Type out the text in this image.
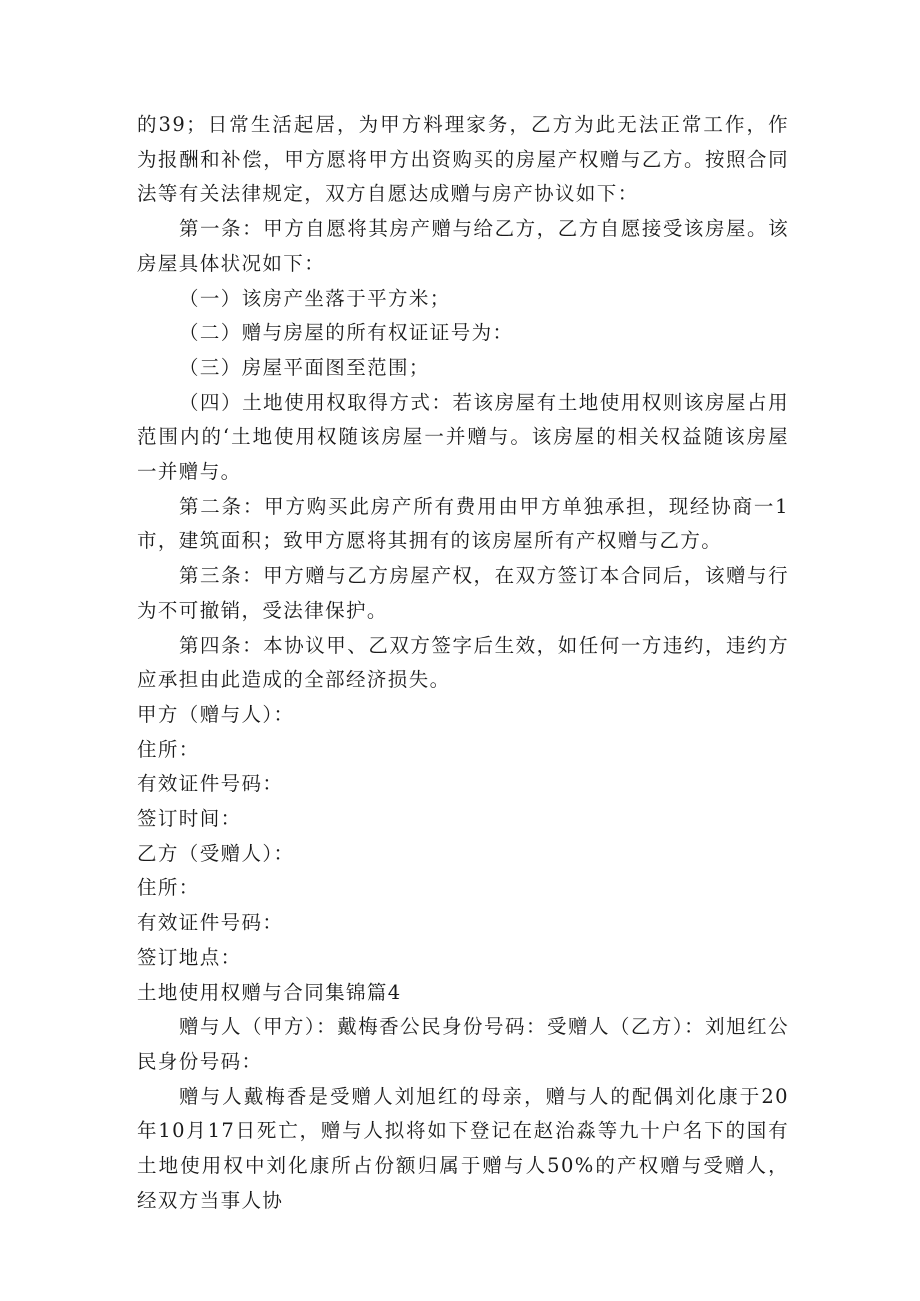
的39；日常生活起居，为甲方料理家务，乙方为此无法正常工作，作为报酬和补偿，甲方愿将甲方出资购买的房屋产权赠与乙方。按照合同法等有关法律规定，双方自愿达成赠与房产协议如下：

第一条：甲方自愿将其房产赠与给乙方，乙方自愿接受该房屋。该房屋具体状况如下：

（一）该房产坐落于平方米；

（二）赠与房屋的所有权证证号为：

（三）房屋平面图至范围；

（四）土地使用权取得方式：若该房屋有土地使用权则该房屋占用范围内的‘土地使用权随该房屋一并赠与。该房屋的相关权益随该房屋一并赠与。

第二条：甲方购买此房产所有费用由甲方单独承担，现经协商一1市，建筑面积；致甲方愿将其拥有的该房屋所有产权赠与乙方。

第三条：甲方赠与乙方房屋产权，在双方签订本合同后，该赠与行为不可撤销，受法律保护。

第四条：本协议甲、乙双方签字后生效，如任何一方违约，违约方应承担由此造成的全部经济损失。

甲方（赠与人）：

住所：

有效证件号码：

签订时间：

乙方（受赠人）：

住所：

有效证件号码：

签订地点：

土地使用权赠与合同集锦篇4

赠与人（甲方）：戴梅香公民身份号码：受赠人（乙方）：刘旭红公民身份号码：

赠与人戴梅香是受赠人刘旭红的母亲，赠与人的配偶刘化康于20年10月17日死亡，赠与人拟将如下登记在赵治淼等九十户名下的国有土地使用权中刘化康所占份额归属于赠与人50%的产权赠与受赠人，经双方当事人协
